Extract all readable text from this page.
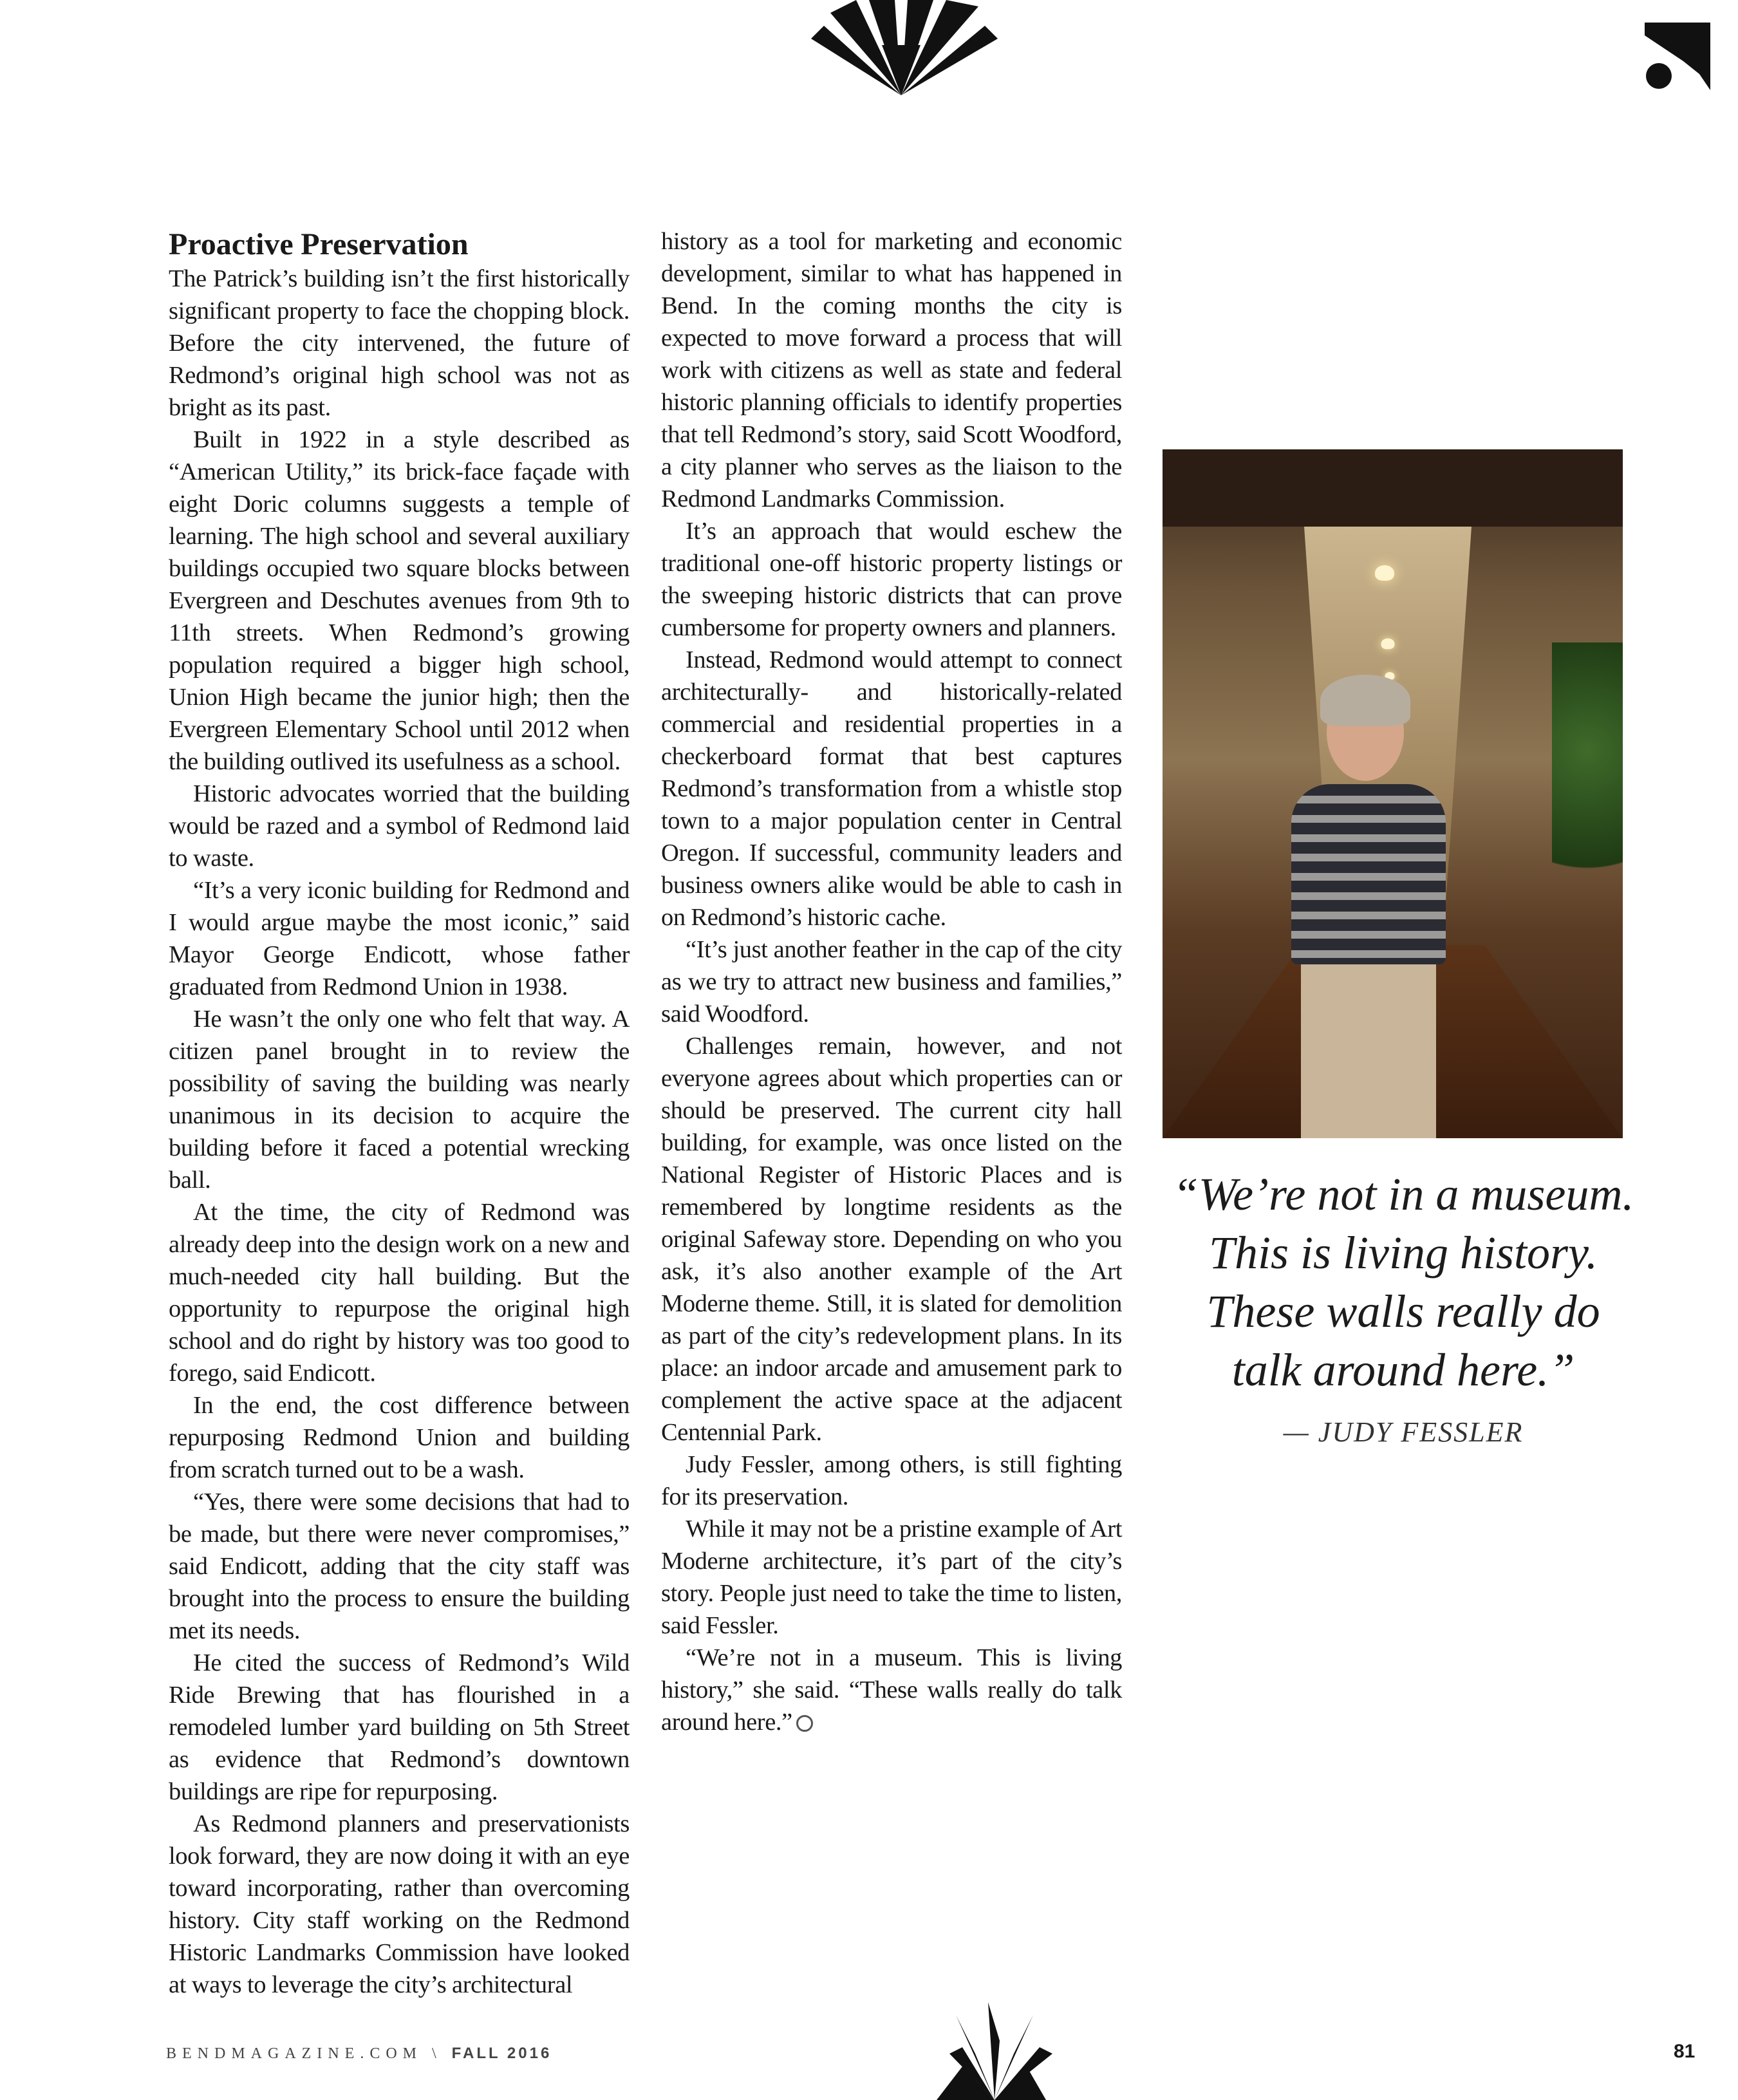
Proactive Preservation

The Patrick’s building isn’t the first historically significant property to face the chopping block. Before the city intervened, the future of Redmond’s original high school was not as bright as its past.

Built in 1922 in a style described as “American Utility,” its brick-face façade with eight Doric columns suggests a temple of learning. The high school and several auxiliary buildings occupied two square blocks between Evergreen and Deschutes avenues from 9th to 11th streets. When Redmond’s growing population required a bigger high school, Union High became the junior high; then the Evergreen Elementary School until 2012 when the building outlived its usefulness as a school.

Historic advocates worried that the building would be razed and a symbol of Redmond laid to waste.

“It’s a very iconic building for Redmond and I would argue maybe the most iconic,” said Mayor George Endicott, whose father graduated from Redmond Union in 1938.

He wasn’t the only one who felt that way. A citizen panel brought in to review the possibility of saving the building was nearly unanimous in its decision to acquire the building before it faced a potential wrecking ball.

At the time, the city of Redmond was already deep into the design work on a new and much-needed city hall building. But the opportunity to repurpose the original high school and do right by history was too good to forego, said Endicott.

In the end, the cost difference between repurposing Redmond Union and building from scratch turned out to be a wash.

“Yes, there were some decisions that had to be made, but there were never compromises,” said Endicott, adding that the city staff was brought into the process to ensure the building met its needs.

He cited the success of Redmond’s Wild Ride Brewing that has flourished in a remodeled lumber yard building on 5th Street as evidence that Redmond’s downtown buildings are ripe for repurposing.

As Redmond planners and preservationists look forward, they are now doing it with an eye toward incorporating, rather than overcoming history. City staff working on the Redmond Historic Landmarks Commission have looked at ways to leverage the city’s architectural

history as a tool for marketing and economic development, similar to what has happened in Bend. In the coming months the city is expected to move forward a process that will work with citizens as well as state and federal historic planning officials to identify properties that tell Redmond’s story, said Scott Woodford, a city planner who serves as the liaison to the Redmond Landmarks Commission.

It’s an approach that would eschew the traditional one-off historic property listings or the sweeping historic districts that can prove cumbersome for property owners and planners.

Instead, Redmond would attempt to connect architecturally- and historically-related commercial and residential properties in a checkerboard format that best captures Redmond’s transformation from a whistle stop town to a major population center in Central Oregon. If successful, community leaders and business owners alike would be able to cash in on Redmond’s historic cache.

“It’s just another feather in the cap of the city as we try to attract new business and families,” said Woodford.

Challenges remain, however, and not everyone agrees about which properties can or should be preserved. The current city hall building, for example, was once listed on the National Register of Historic Places and is remembered by longtime residents as the original Safeway store. Depending on who you ask, it’s also another example of the Art Moderne theme. Still, it is slated for demolition as part of the city’s redevelopment plans. In its place: an indoor arcade and amusement park to complement the active space at the adjacent Centennial Park.

Judy Fessler, among others, is still fighting for its preservation.

While it may not be a pristine example of Art Moderne architecture, it’s part of the city’s story. People just need to take the time to listen, said Fessler.

“We’re not in a museum. This is living history,” she said. “These walls really do talk around here.”

“We’re not in a museum.
This is living history.
These walls really do
talk around here.”
— JUDY FESSLER
BENDMAGAZINE.COM \ FALL 2016	81
